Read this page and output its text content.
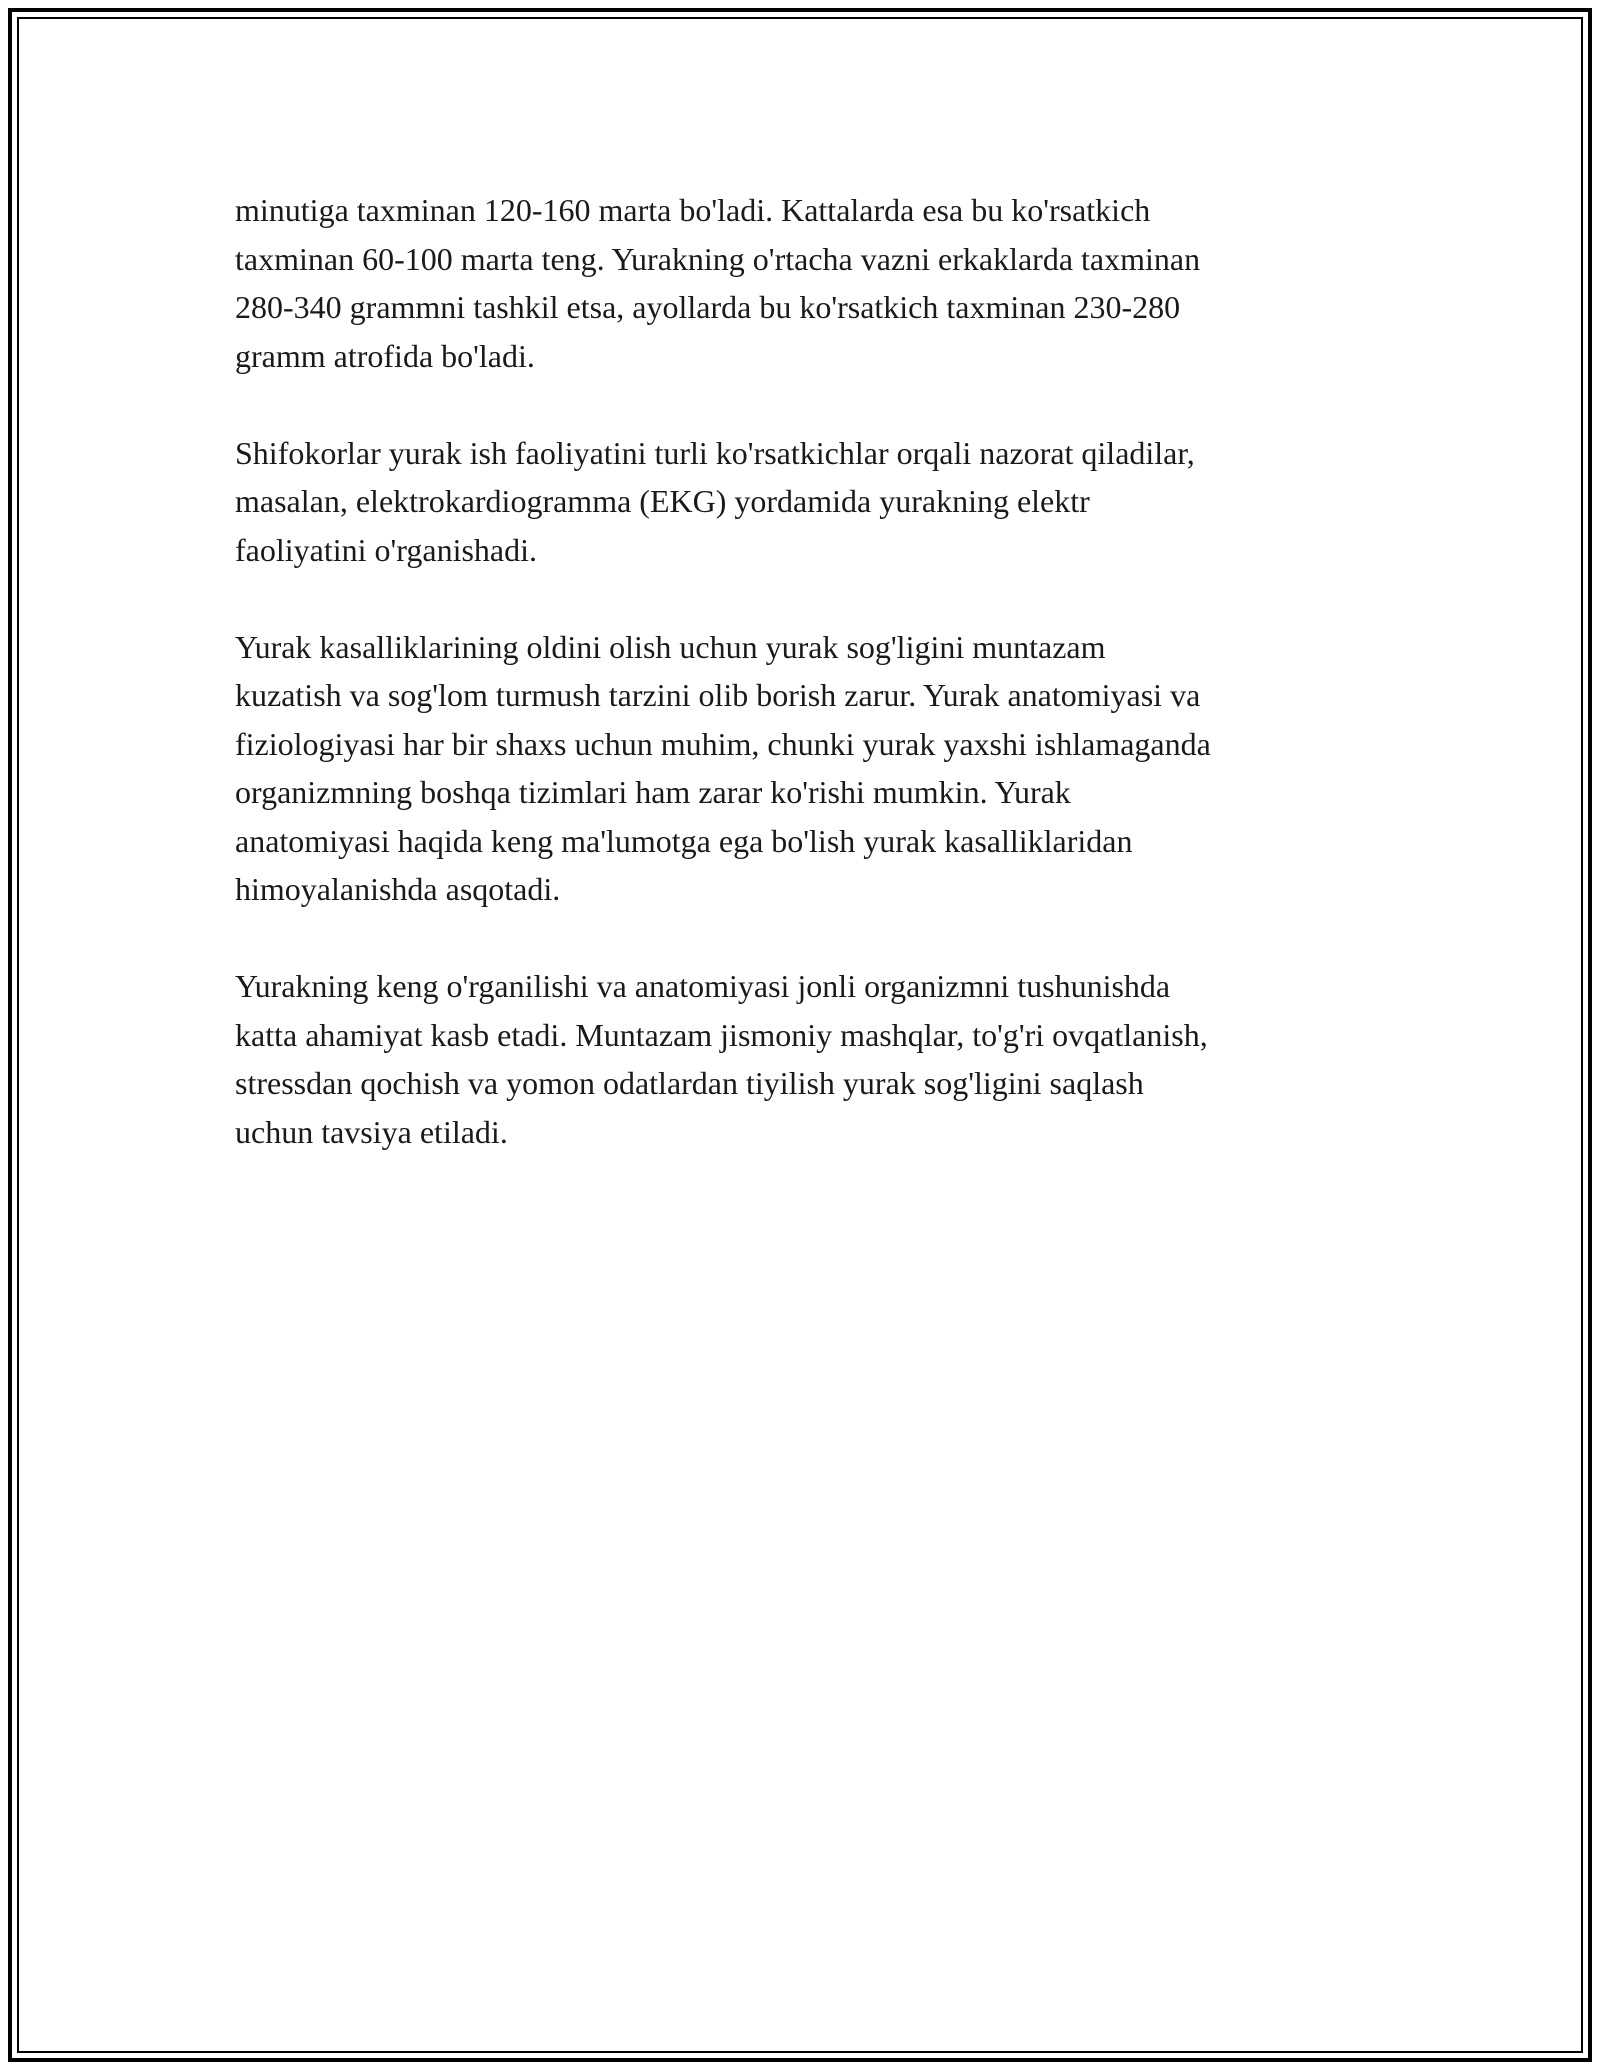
minutiga taxminan 120-160 marta bo'ladi. Kattalarda esa bu ko'rsatkich
taxminan 60-100 marta teng. Yurakning o'rtacha vazni erkaklarda taxminan
280-340 grammni tashkil etsa, ayollarda bu ko'rsatkich taxminan 230-280
gramm atrofida bo'ladi.

Shifokorlar yurak ish faoliyatini turli ko'rsatkichlar orqali nazorat qiladilar,
masalan, elektrokardiogramma (EKG) yordamida yurakning elektr
faoliyatini o'rganishadi.

Yurak kasalliklarining oldini olish uchun yurak sog'ligini muntazam
kuzatish va sog'lom turmush tarzini olib borish zarur. Yurak anatomiyasi va
fiziologiyasi har bir shaxs uchun muhim, chunki yurak yaxshi ishlamaganda
organizmning boshqa tizimlari ham zarar ko'rishi mumkin. Yurak
anatomiyasi haqida keng ma'lumotga ega bo'lish yurak kasalliklaridan
himoyalanishda asqotadi.

Yurakning keng o'rganilishi va anatomiyasi jonli organizmni tushunishda
katta ahamiyat kasb etadi. Muntazam jismoniy mashqlar, to'g'ri ovqatlanish,
stressdan qochish va yomon odatlardan tiyilish yurak sog'ligini saqlash
uchun tavsiya etiladi.
